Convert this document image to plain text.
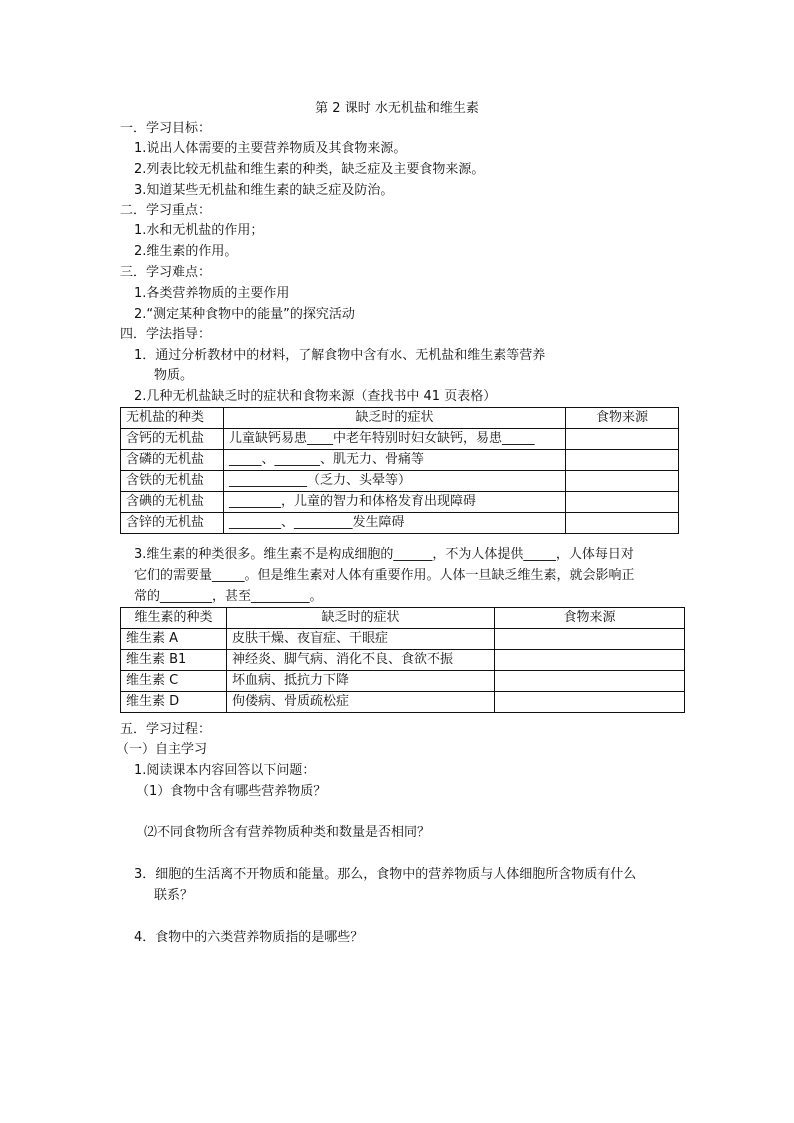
第 2 课时 水无机盐和维生素
一．学习目标：
1.说出人体需要的主要营养物质及其食物来源。
2.列表比较无机盐和维生素的种类，缺乏症及主要食物来源。
3.知道某些无机盐和维生素的缺乏症及防治。
二．学习重点：
1.水和无机盐的作用；
2.维生素的作用。
三．学习难点：
1.各类营养物质的主要作用
2.“测定某种食物中的能量”的探究活动
四．学法指导：
1．通过分析教材中的材料，了解食物中含有水、无机盐和维生素等营养
物质。
2.几种无机盐缺乏时的症状和食物来源（查找书中 41 页表格）
无机盐的种类	缺乏时的症状	食物来源
含钙的无机盐	儿童缺钙易患____中老年特别时妇女缺钙，易患_____	
含磷的无机盐	_____、_______、肌无力、骨痛等	
含铁的无机盐	____________（乏力、头晕等）	
含碘的无机盐	________，儿童的智力和体格发育出现障碍	
含锌的无机盐	________、_________发生障碍	
3.维生素的种类很多。维生素不是构成细胞的______，不为人体提供_____，人体每日对
它们的需要量_____。但是维生素对人体有重要作用。人体一旦缺乏维生素，就会影响正
常的________，甚至_________。
维生素的种类	缺乏时的症状	食物来源
维生素 A	皮肤干燥、夜盲症、干眼症	
维生素 B1	神经炎、脚气病、消化不良、食欲不振	
维生素 C	坏血病、抵抗力下降	
维生素 D	佝偻病、骨质疏松症	
五．学习过程：
（一）自主学习
1.阅读课本内容回答以下问题：
（1）食物中含有哪些营养物质？
⑵不同食物所含有营养物质种类和数量是否相同？
3．细胞的生活离不开物质和能量。那么，食物中的营养物质与人体细胞所含物质有什么
联系？
4．食物中的六类营养物质指的是哪些？
